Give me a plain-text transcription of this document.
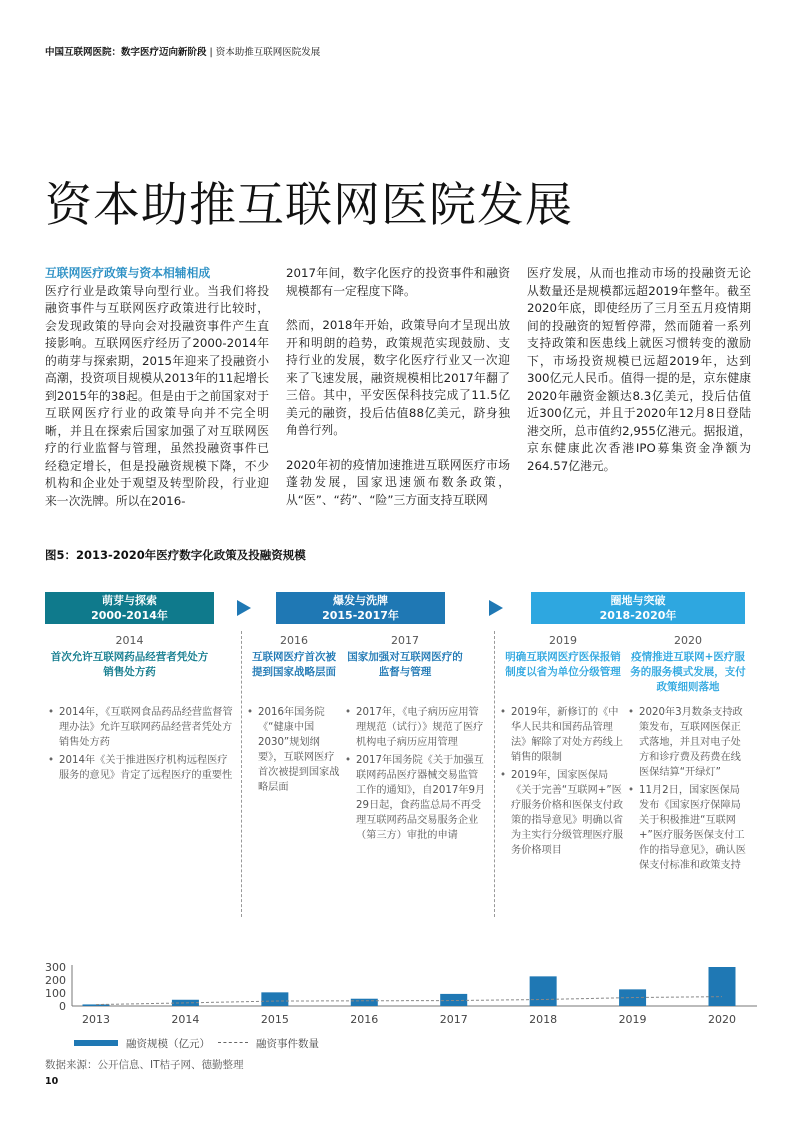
中国互联网医院：数字医疗迈向新阶段 | 资本助推互联网医院发展
资本助推互联网医院发展
互联网医疗政策与资本相辅相成
医疗行业是政策导向型行业。当我们将投融资事件与互联网医疗政策进行比较时，会发现政策的导向会对投融资事件产生直接影响。互联网医疗经历了2000-2014年的萌芽与探索期，2015年迎来了投融资小高潮，投资项目规模从2013年的11起增长到2015年的38起。但是由于之前国家对于互联网医疗行业的政策导向并不完全明晰，并且在探索后国家加强了对互联网医疗的行业监督与管理，虽然投融资事件已经稳定增长，但是投融资规模下降，不少机构和企业处于观望及转型阶段，行业迎来一次洗牌。所以在2016-

2017年间，数字化医疗的投资事件和融资规模都有一定程度下降。

然而，2018年开始，政策导向才呈现出放开和明朗的趋势，政策规范实现鼓励、支持行业的发展，数字化医疗行业又一次迎来了飞速发展，融资规模相比2017年翻了三倍。其中，平安医保科技完成了11.5亿美元的融资，投后估值88亿美元，跻身独角兽行列。

2020年初的疫情加速推进互联网医疗市场蓬勃发展，国家迅速颁布数条政策，从“医”、“药”、“险”三方面支持互联网

医疗发展，从而也推动市场的投融资无论从数量还是规模都远超2019年整年。截至2020年底，即使经历了三月至五月疫情期间的投融资的短暂停滞，然而随着一系列支持政策和医患线上就医习惯转变的激励下，市场投资规模已远超2019年，达到300亿元人民币。值得一提的是，京东健康2020年融资金额达8.3亿美元，投后估值近300亿元，并且于2020年12月8日登陆港交所，总市值约2,955亿港元。据报道，京东健康此次香港IPO募集资金净额为264.57亿港元。
图5：2013-2020年医疗数字化政策及投融资规模
萌芽与探索
2000-2014年
爆发与洗牌
2015-2017年
圈地与突破
2018-2020年
2014
首次允许互联网药品经营者凭处方销售处方药
2016
互联网医疗首次被提到国家战略层面
2017
国家加强对互联网医疗的监督与管理
2019
明确互联网医疗医保报销制度以省为单位分级管理
2020
疫情推进互联网+医疗服务的服务模式发展，支付政策细则落地
• 2014年，《互联网食品药品经营监督管理办法》允许互联网药品经营者凭处方销售处方药
• 2014年《关于推进医疗机构远程医疗服务的意见》肯定了远程医疗的重要性
• 2016年国务院《“健康中国2030”规划纲要》，互联网医疗首次被提到国家战略层面
• 2017年，《电子病历应用管理规范（试行）》规范了医疗机构电子病历应用管理
• 2017年国务院《关于加强互联网药品医疗器械交易监管工作的通知》，自2017年9月29日起，食药监总局不再受理互联网药品交易服务企业（第三方）审批的申请
• 2019年，新修订的《中华人民共和国药品管理法》解除了对处方药线上销售的限制
• 2019年，国家医保局《关于完善“互联网+”医疗服务价格和医保支付政策的指导意见》明确以省为主实行分级管理医疗服务价格项目
• 2020年3月数条支持政策发布，互联网医保正式落地，并且对电子处方和诊疗费及药费在线医保结算“开绿灯”
• 11月2日，国家医保局发布《国家医疗保障局关于积极推进“互联网+”医疗服务医保支付工作的指导意见》，确认医保支付标准和政策支持
300
200
100
0
2013	2014	2015	2016	2017	2018	2019	2020
融资规模（亿元）	融资事件数量
数据来源：公开信息、IT桔子网、德勤整理
10
